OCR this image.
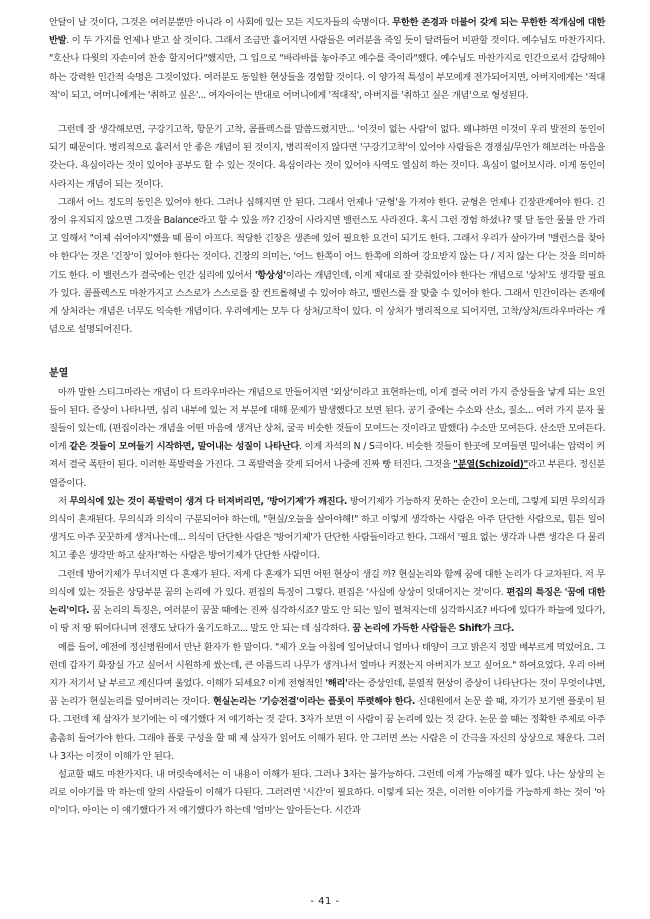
안달이 날 것이다, 그것은 여러분뿐만 아니라 이 사회에 있는 모든 지도자들의 숙명이다. 무한한 존경과 더불어 갖게 되는 무한한 적개심에 대한 반발. 이 두 가지를 언제나 받고 살 것이다. 그래서 조금만 흘어지면 사람들은 여러분을 죽일 듯이 달려들어 비판할 것이다. 예수님도 마찬가지다. "호산나 다윗의 자손이여 찬송 할지어다"했지만, 그 입으로 "바라바를 놓아주고 예수를 죽이라"했다. 예수님도 마찬가지로 인간으로서 감당해야 하는 강력한 인간적 숙명은 그것이었다. 여러분도 동일한 현상들을 경험할 것이다. 이 양가적 특성이 부모에게 전가되어지면, 아버지에게는 '적대적'이 되고, 어머니에게는 '취하고 싶은'... 여자아이는 반대로 어머니에게 '적대적', 아버지를 '취하고 싶은 개념'으로 형성된다.

그런데 잘 생각해보면, 구강기고착, 항문기 고착, 콤플렉스를 말씀드렸지만... '이것이 없는 사람'이 없다. 왜냐하면 이것이 우리 발전의 동인이 되기 때문이다. 병리적으로 흘러서 안 좋은 개념이 된 것이지, 병리적이지 않다면 '구강기고착'이 있어야 사람들은 경쟁심/무언가 해보려는 마음을 갖는다. 욕심이라는 것이 있어야 공부도 할 수 있는 것이다. 욕심이라는 것이 있어야 사역도 열심히 하는 것이다. 욕심이 없어보시라. 이게 동인이 사라지는 개념이 되는 것이다.

그래서 어느 정도의 동인은 있어야 한다. 그러나 심해지면 안 된다. 그래서 언제나 '균형'을 가져야 한다. 균형은 언제나 긴장관계여야 한다. 긴장이 유지되지 않으면 그것을 Balance라고 할 수 있을 까? 긴장이 사라지면 밸런스도 사라진다. 혹시 그런 경험 하셨나? 몇 달 동안 물불 안 가리고 일해서 "이제 쉬어야지"했을 때 몸이 아프다. 적당한 긴장은 생존에 있어 필요한 요건이 되기도 한다. 그래서 우리가 살아가며 '밸런스를 찾아야 한다'는 것은 '긴장'이 있어야 한다는 것이다. 긴장의 의미는, '어느 한쪽이 어느 한쪽에 의하여 강요받지 않는 다 / 지지 않는 다'는 것을 의미하기도 한다. 이 밸런스가 결국에는 인간 심리에 있어서 '항상성'이라는 개념인데, 이게 제대로 잘 갖춰있어야 한다는 개념으로 '상처'도 생각할 필요가 있다. 콤플렉스도 마찬가지고 스스로가 스스로를 잘 컨트롤해낼 수 있어야 하고, 밸런스를 잘 맞출 수 있어야 한다. 그래서 인간이라는 존재에게 상처라는 개념은 너무도 익숙한 개념이다. 우리에게는 모두 다 상처/고착이 있다. 이 상처가 병리적으로 되어지면, 고착/상처/트라우마라는 개념으로 설명되어진다.

분열

아까 말한 스티그마라는 개념이 다 트라우마라는 개념으로 만들어지면 '외상'이라고 표현하는데, 이게 결국 여러 가지 증상들을 낳게 되는 요인들이 된다. 증상이 나타나면, 심리 내부에 있는 저 부분에 대해 문제가 발생했다고 보면 된다. 공기 중에는 수소와 산소, 질소... 여러 가지 분자 물질들이 있는데, (편집이라는 개념을 어떤 마음에 생겨난 상처, 굴곡 비슷한 것들이 모여드는 것이라고 말했다) 수소만 모여든다. 산소만 모여든다. 이게 같은 것들이 모여들기 시작하면, 말어내는 성질이 나타난다. 이게 자석의 N / S극이다. 비슷한 것들이 한곳에 모여들면 밀어내는 압력이 커져서 결국 폭탄이 된다. 이러한 폭발력을 가진다. 그 폭발력을 갖게 되어서 나중에 진짜 빵 터진다. 그것을 "분열(Schizoid)"라고 부른다. 정신분열증이다.

저 무의식에 있는 것이 폭발력이 생겨 다 터져버리면, '방어기제'가 깨진다. 방어기제가 기능하지 못하는 순간이 오는데, 그렇게 되면 무의식과 의식이 혼재된다. 무의식과 의식이 구분되어야 하는데, "현실/오늘을 살아야해!" 하고 이렇게 생각하는 사람은 아주 단단한 사람으로, 힘든 일이 생겨도 아주 꿋꿋하게 생겨나는데... 의식이 단단한 사람은 '방어기제'가 단단한 사람들이라고 한다. 그래서 '필요 없는 생각과 나쁜 생각은 다 물리치고 좋은 생각만 하고 살자!'하는 사람은 방어기제가 단단한 사람이다.

그런데 방어기제가 무너지면 다 혼재가 된다. 저게 다 혼재가 되면 어떤 현상이 생길 까? 현실논리와 함께 꿈에 대한 논리가 다 교차된다. 저 무의식에 있는 것들은 상당부분 꿈의 논리에 가 있다. 편집의 특징이 그렇다. 편집은 '사실에 상상이 잇대어지는 것'이다. 편집의 특징은 '꿈에 대한 논리'이다. 꿈 논리의 특징은, 여러분이 꿈꿀 때에는 진짜 심각하시죠? 말도 안 되는 일이 펼쳐지는데 심각하시죠? 바다에 있다가 하늘에 있다가, 이 땅 저 땅 뛰어다니며 전쟁도 났다가 울기도하고... 말도 안 되는 데 심각하다. 꿈 논리에 가득한 사람들은 Shift가 크다.

예를 들어, 예전에 정신병원에서 만난 환자가 한 말이다. "제가 오늘 아침에 일어났더니 얼마나 태양이 크고 밝은지 정말 배부르게 먹었어요. 그런데 갑자기 화장실 가고 싶어서 시원하게 쌌는데, 큰 아름드리 나무가 생겨나서 얼마나 커졌는지 아버지가 보고 싶어요." 하여요었다. 우리 아버지가 저기서 날 부르고 계신다며 울었다. 이해가 되세요? 이게 전형적인 '해리'라는 증상인데, 분열적 현상이 증상이 나타난다는 것이 무엇이냐면, 꿈 논리가 현실논리를 덮어버리는 것이다. 현실논리는 '기승전결'이라는 플롯이 뚜렷해야 한다. 신대원에서 논문 쓸 때, 자기가 보기엔 플롯이 된다. 그런데 제 삼자가 보기에는 이 얘기했다 저 얘기하는 것 같다. 3자가 보면 이 사람이 꿈 논리에 있는 것 같다. 논문 쓸 때는 정확한 주제로 아주 촘촘히 들어가야 한다. 그래야 플롯 구성을 할 때 제 삼자가 읽어도 이해가 된다. 안 그러면 쓰는 사람은 이 간극을 자신의 상상으로 채운다. 그러나 3자는 이것이 이해가 안 된다.

설교할 때도 마찬가지다. 내 머릿속에서는 이 내용이 이해가 된다. 그러나 3자는 불가능하다. 그런데 이게 가능해질 때가 있다. 나는 상상의 논리로 이야기를 막 하는데 앞의 사람들이 이해가 다된다. 그러려면 '시간'이 필요하다. 이렇게 되는 것은, 이러한 이야기를 가능하게 하는 것이 '아이'이다. 아이는 이 얘기했다가 저 얘기했다가 하는데 '엄마'는 알아듣는다. 시간과

- 41 -
